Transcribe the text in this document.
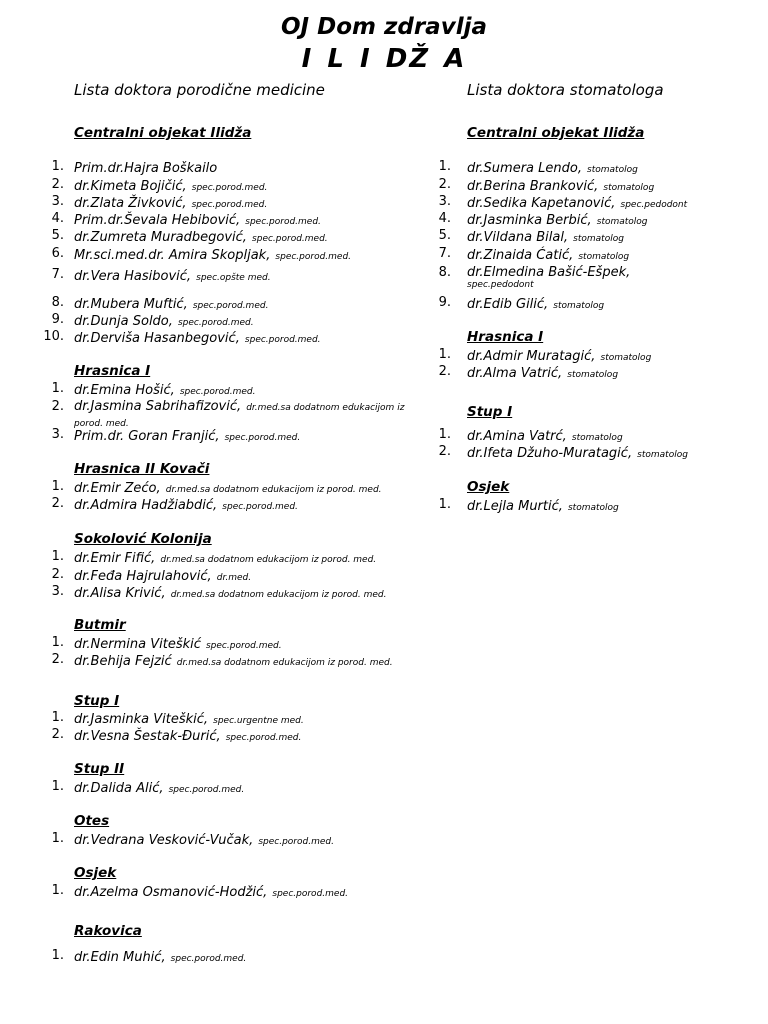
OJ Dom zdravlja
I L I DŽ A
Lista doktora porodične medicine
Centralni objekat Ilidža
1. Prim.dr.Hajra Boškailo
2. dr.Kimeta Bojičić, spec.porod.med.
3. dr.Zlata Živković, spec.porod.med.
4. Prim.dr.Ševala Hebibović, spec.porod.med.
5. dr.Zumreta Muradbegović, spec.porod.med.
6. Mr.sci.med.dr. Amira Skopljak, spec.porod.med.
7. dr.Vera Hasibović, spec.opšte med.
8. dr.Mubera Muftić, spec.porod.med.
9. dr.Dunja Soldo, spec.porod.med.
10. dr.Derviša Hasanbegović, spec.porod.med.
Hrasnica I
1. dr.Emina Hošić, spec.porod.med.
2. dr.Jasmina Sabrihafizović, dr.med.sa dodatnom edukacijom iz porod. med.
3. Prim.dr. Goran Franjić, spec.porod.med.
Hrasnica II Kovači
1. dr.Emir Zećo, dr.med.sa dodatnom edukacijom iz porod. med.
2. dr.Admira Hadžiabdić, spec.porod.med.
Sokolović Kolonija
1. dr.Emir Fifić, dr.med.sa dodatnom edukacijom iz porod. med.
2. dr.Feđa Hajrulahović, dr.med.
3. dr.Alisa Krivić, dr.med.sa dodatnom edukacijom iz porod. med.
Butmir
1. dr.Nermina Viteškić spec.porod.med.
2. dr.Behija Fejzić dr.med.sa dodatnom edukacijom iz porod. med.
Stup I
1. dr.Jasminka Viteškić, spec.urgentne med.
2. dr.Vesna Šestak-Đurić, spec.porod.med.
Stup II
1. dr.Dalida Alić, spec.porod.med.
Otes
1. dr.Vedrana Vesković-Vučak, spec.porod.med.
Osjek
1. dr.Azelma Osmanović-Hodžić, spec.porod.med.
Rakovica
1. dr.Edin Muhić, spec.porod.med.
Lista doktora stomatologa
Centralni objekat Ilidža
1. dr.Sumera Lendo, stomatolog
2. dr.Berina Branković, stomatolog
3. dr.Sedika Kapetanović, spec.pedodont
4. dr.Jasminka Berbić, stomatolog
5. dr.Vildana Bilal, stomatolog
7. dr.Zinaida Ćatić, stomatolog
8. dr.Elmedina Bašić-Ešpek,
spec.pedodont
9. dr.Edib Gilić, stomatolog
Hrasnica I
1. dr.Admir Muratagić, stomatolog
2. dr.Alma Vatrić, stomatolog
Stup I
1. dr.Amina Vatrć, stomatolog
2. dr.Ifeta Džuho-Muratagić, stomatolog
Osjek
1. dr.Lejla Murtić, stomatolog
